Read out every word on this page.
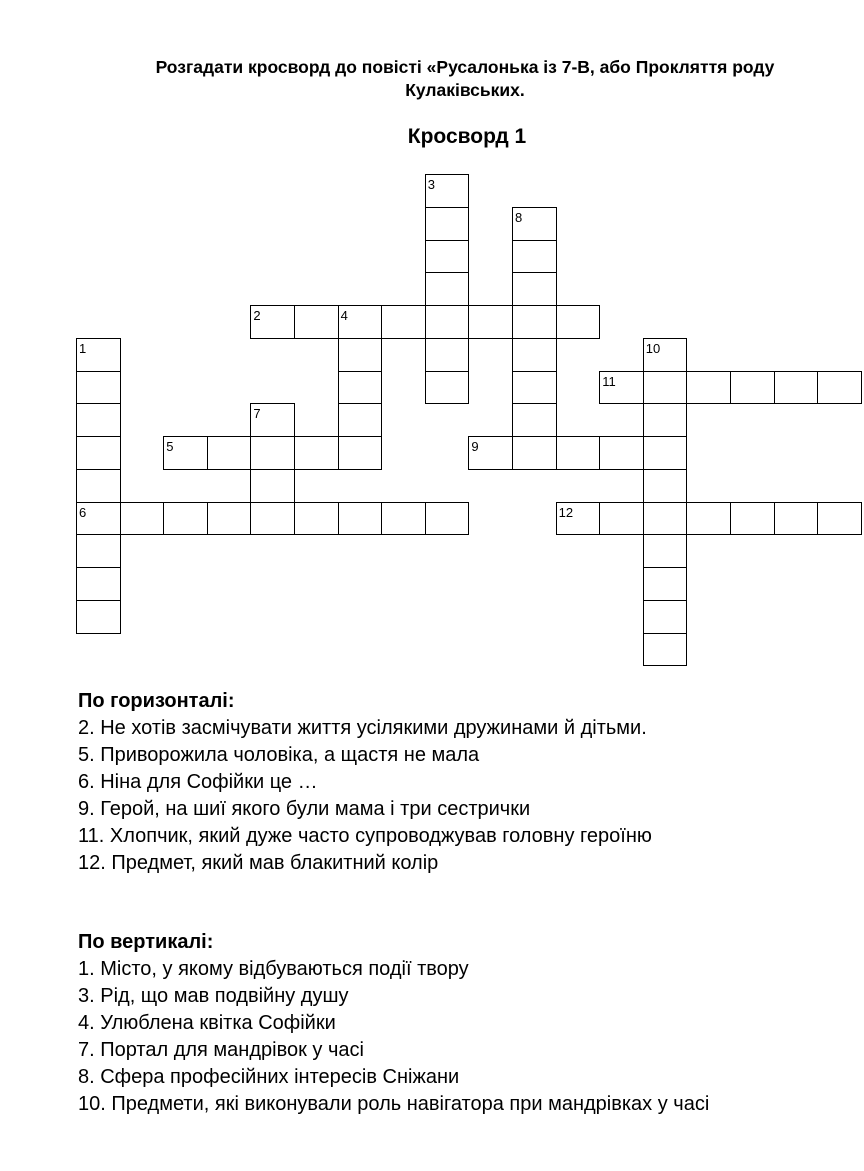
Розгадати кросворд до повісті «Русалонька із 7-В, або Прокляття роду
Кулаківських.
Кросворд 1
1
6
2	4
3
5
7
8
9
10
11
12
По горизонталі:
2. Не хотів засмічувати життя усілякими дружинами й дітьми.
5. Приворожила чоловіка, а щастя не мала
6. Ніна для Софійки це …
9. Герой, на шиї якого були мама і три сестрички
11. Хлопчик, який дуже часто супроводжував головну героїню
12. Предмет, який мав блакитний колір
По вертикалі:
1. Місто, у якому відбуваються події твору
3. Рід, що мав подвійну душу
4. Улюблена квітка Софійки
7. Портал для мандрівок у часі
8. Сфера професійних інтересів Сніжани
10. Предмети, які виконували роль навігатора при мандрівках у часі
